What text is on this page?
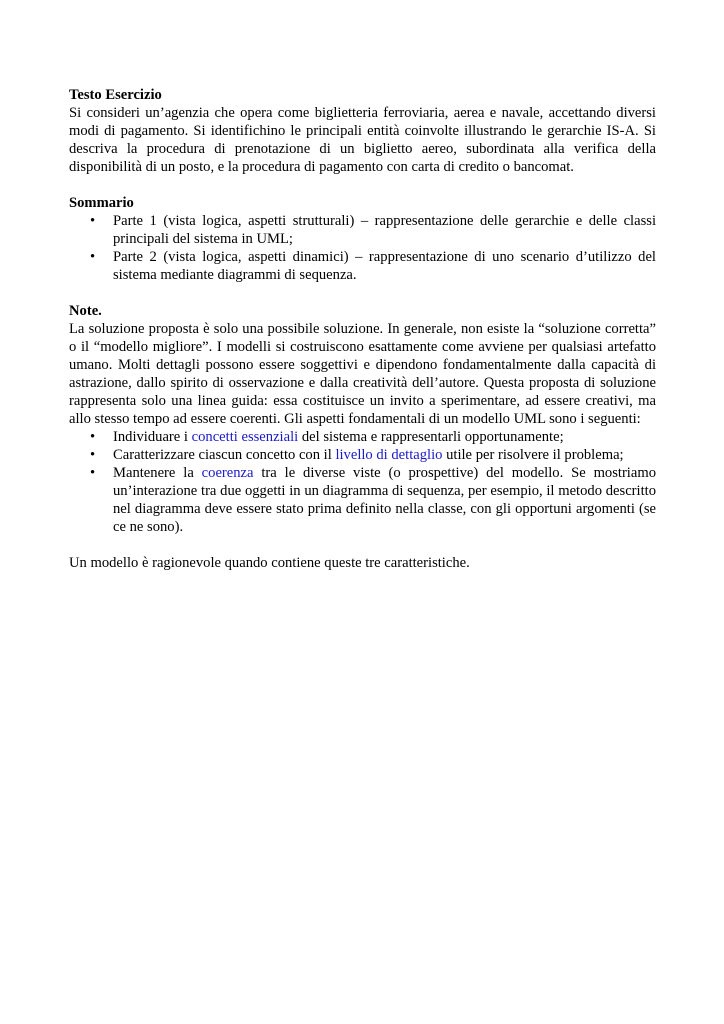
Testo Esercizio

Si consideri un’agenzia che opera come biglietteria ferroviaria, aerea e navale, accettando diversi modi di pagamento. Si identifichino le principali entità coinvolte illustrando le gerarchie IS-A. Si descriva la procedura di prenotazione di un biglietto aereo, subordinata alla verifica della disponibilità di un posto, e la procedura di pagamento con carta di credito o bancomat.

Sommario

• Parte 1 (vista logica, aspetti strutturali) – rappresentazione delle gerarchie e delle classi principali del sistema in UML;
• Parte 2 (vista logica, aspetti dinamici) – rappresentazione di uno scenario d’utilizzo del sistema mediante diagrammi di sequenza.

Note.

La soluzione proposta è solo una possibile soluzione. In generale, non esiste la “soluzione corretta” o il “modello migliore”. I modelli si costruiscono esattamente come avviene per qualsiasi artefatto umano. Molti dettagli possono essere soggettivi e dipendono fondamentalmente dalla capacità di astrazione, dallo spirito di osservazione e dalla creatività dell’autore. Questa proposta di soluzione rappresenta solo una linea guida: essa costituisce un invito a sperimentare, ad essere creativi, ma allo stesso tempo ad essere coerenti. Gli aspetti fondamentali di un modello UML sono i seguenti:

• Individuare i concetti essenziali del sistema e rappresentarli opportunamente;
• Caratterizzare ciascun concetto con il livello di dettaglio utile per risolvere il problema;
• Mantenere la coerenza tra le diverse viste (o prospettive) del modello. Se mostriamo un’interazione tra due oggetti in un diagramma di sequenza, per esempio, il metodo descritto nel diagramma deve essere stato prima definito nella classe, con gli opportuni argomenti (se ce ne sono).

Un modello è ragionevole quando contiene queste tre caratteristiche.
